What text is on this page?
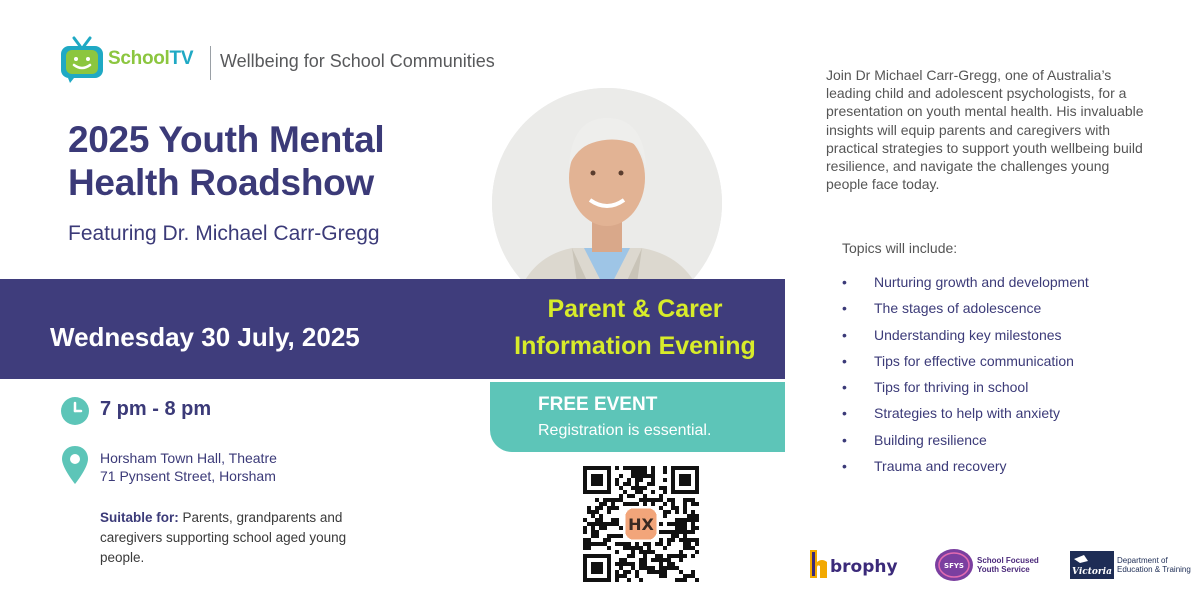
SchoolTV Wellbeing for School Communities
2025 Youth Mental
Health Roadshow
Featuring Dr. Michael Carr-Gregg
Wednesday 30 July, 2025
Parent & Carer
Information Evening
FREE EVENT
Registration is essential.
7 pm - 8 pm
Horsham Town Hall, Theatre
71 Pynsent Street, Horsham
Suitable for: Parents, grandparents and caregivers supporting school aged young people.
HX
Join Dr Michael Carr-Gregg, one of Australia’s leading child and adolescent psychologists, for a presentation on youth mental health. His invaluable insights will equip parents and caregivers with practical strategies to support youth wellbeing build resilience, and navigate the challenges young people face today.
Topics will include:
• Nurturing growth and development
• The stages of adolescence
• Understanding key milestones
• Tips for effective communication
• Tips for thriving in school
• Strategies to help with anxiety
• Building resilience
• Trauma and recovery
brophy	SFYS
School Focused
Youth Service	Victoria
Department of
Education & Training
